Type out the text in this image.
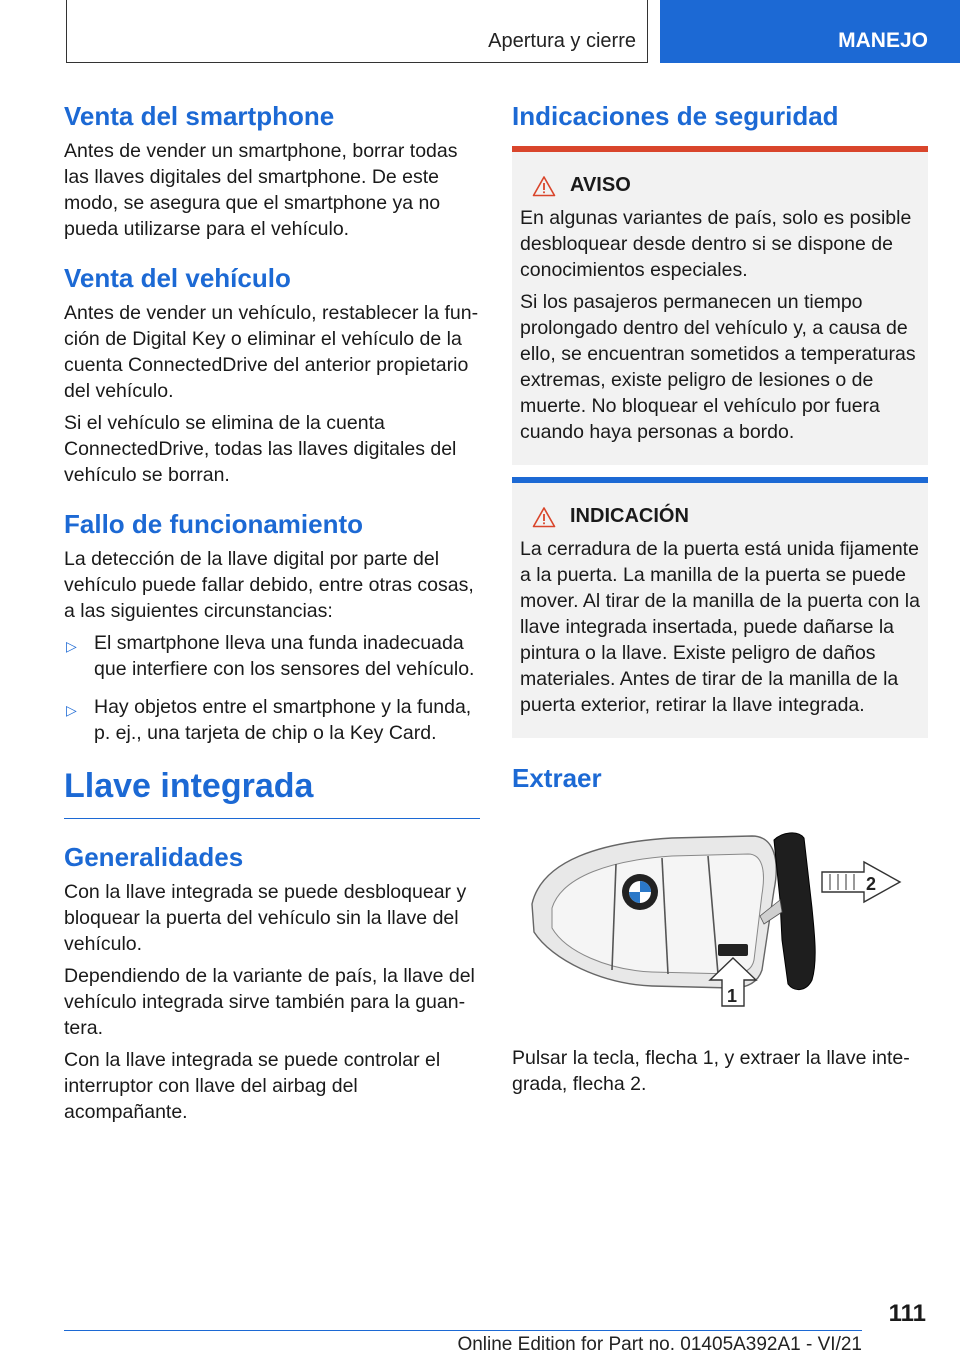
Apertura y cierre	MANEJO
Venta del smartphone

Antes de vender un smartphone, borrar todas las llaves digitales del smartphone. De este modo, se asegura que el smartphone ya no pueda utilizarse para el vehículo.

Venta del vehículo

Antes de vender un vehículo, restablecer la función de Digital Key o eliminar el vehículo de la cuenta ConnectedDrive del anterior propietario del vehículo.

Si el vehículo se elimina de la cuenta ConnectedDrive, todas las llaves digitales del vehículo se borran.

Fallo de funcionamiento

La detección de la llave digital por parte del vehículo puede fallar debido, entre otras cosas, a las siguientes circunstancias:

▷ El smartphone lleva una funda inadecuada que interfiere con los sensores del vehículo.
▷ Hay objetos entre el smartphone y la funda, p. ej., una tarjeta de chip o la Key Card.
Llave integrada
Generalidades

Con la llave integrada se puede desbloquear y bloquear la puerta del vehículo sin la llave del vehículo.

Dependiendo de la variante de país, la llave del vehículo integrada sirve también para la guantera.

Con la llave integrada se puede controlar el interruptor con llave del airbag del acompañante.

Indicaciones de seguridad
AVISO

En algunas variantes de país, solo es posible desbloquear desde dentro si se dispone de conocimientos especiales.

Si los pasajeros permanecen un tiempo prolongado dentro del vehículo y, a causa de ello, se encuentran sometidos a temperaturas extremas, existe peligro de lesiones o de muerte. No bloquear el vehículo por fuera cuando haya personas a bordo.

INDICACIÓN

La cerradura de la puerta está unida fijamente a la puerta. La manilla de la puerta se puede mover. Al tirar de la manilla de la puerta con la llave integrada insertada, puede dañarse la pintura o la llave. Existe peligro de daños materiales. Antes de tirar de la manilla de la puerta exterior, retirar la llave integrada.

Extraer
2
1

Pulsar la tecla, flecha 1, y extraer la llave integrada, flecha 2.

111
Online Edition for Part no. 01405A392A1 - VI/21
